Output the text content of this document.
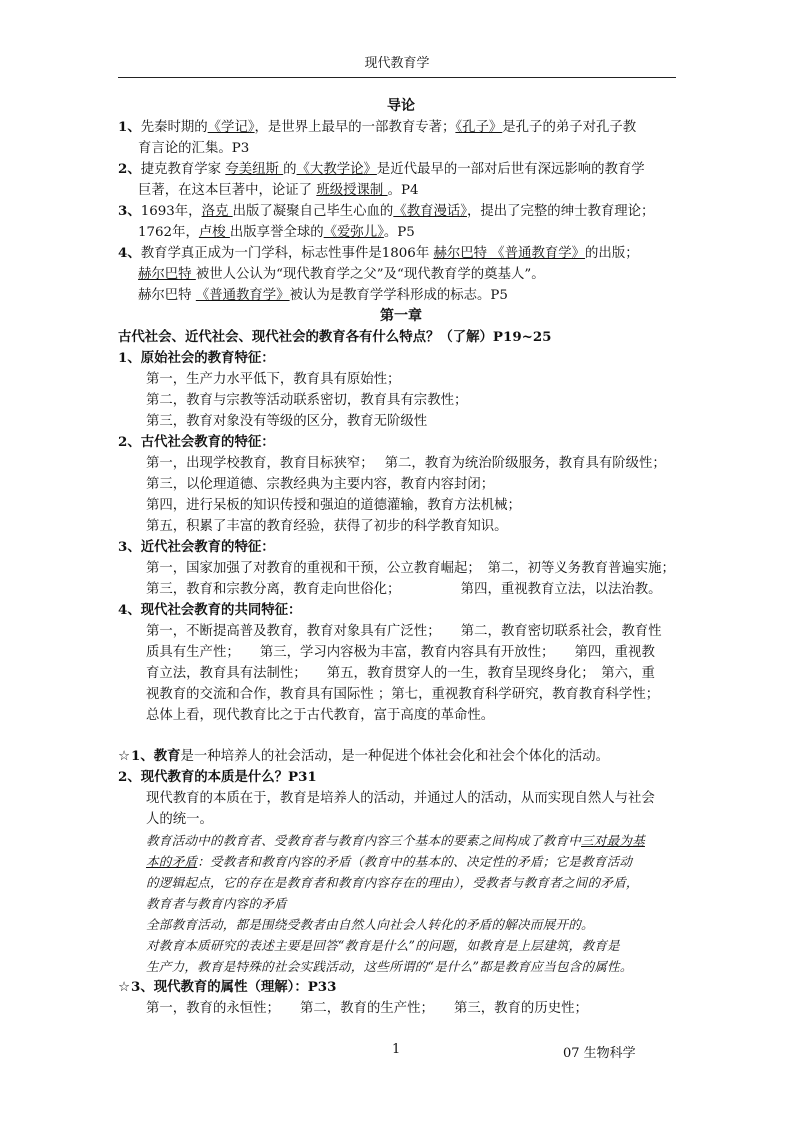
现代教育学
导论
1、先秦时期的《学记》，是世界上最早的一部教育专著；《孔子》是孔子的弟子对孔子教
育言论的汇集。P3
2、捷克教育学家 夸美纽斯 的《大教学论》是近代最早的一部对后世有深远影响的教育学
巨著，在这本巨著中，论证了 班级授课制 。P4
3、1693年，洛克 出版了凝聚自己毕生心血的《教育漫话》，提出了完整的绅士教育理论；
1762年，卢梭 出版享誉全球的《爱弥儿》。P5
4、教育学真正成为一门学科，标志性事件是1806年 赫尔巴特 《普通教育学》的出版；
赫尔巴特 被世人公认为“现代教育学之父”及“现代教育学的奠基人”。
赫尔巴特 《普通教育学》被认为是教育学学科形成的标志。P5
第一章
古代社会、近代社会、现代社会的教育各有什么特点？（了解）P19~25
1、原始社会的教育特征：
第一，生产力水平低下，教育具有原始性；
第二，教育与宗教等活动联系密切，教育具有宗教性；
第三，教育对象没有等级的区分，教育无阶级性
2、古代社会教育的特征：
第一，出现学校教育，教育目标狭窄；　 第二，教育为统治阶级服务，教育具有阶级性；
第三，以伦理道德、宗教经典为主要内容，教育内容封闭；
第四，进行呆板的知识传授和强迫的道德灌输，教育方法机械；
第五，积累了丰富的教育经验，获得了初步的科学教育知识。
3、近代社会教育的特征：
第一，国家加强了对教育的重视和干预，公立教育崛起；　第二，初等义务教育普遍实施；
第三，教育和宗教分离，教育走向世俗化；　　　　　第四，重视教育立法，以法治教。
4、现代社会教育的共同特征：
第一，不断提高普及教育，教育对象具有广泛性；　　第二，教育密切联系社会，教育性
质具有生产性；　　第三，学习内容极为丰富，教育内容具有开放性；　　第四，重视教
育立法，教育具有法制性；　　第五，教育贯穿人的一生，教育呈现终身化；　第六，重
视教育的交流和合作，教育具有国际性 ；第七，重视教育科学研究，教育教育科学性；
总体上看，现代教育比之于古代教育，富于高度的革命性。
☆1、教育是一种培养人的社会活动，是一种促进个体社会化和社会个体化的活动。
2、现代教育的本质是什么？P31
现代教育的本质在于，教育是培养人的活动，并通过人的活动，从而实现自然人与社会
人的统一。
教育活动中的教育者、受教育者与教育内容三个基本的要素之间构成了教育中三对最为基
本的矛盾：受教者和教育内容的矛盾（教育中的基本的、决定性的矛盾；它是教育活动
的逻辑起点，它的存在是教育者和教育内容存在的理由），受教者与教育者之间的矛盾，
教育者与教育内容的矛盾
全部教育活动，都是围绕受教者由自然人向社会人转化的矛盾的解决而展开的。
对教育本质研究的表述主要是回答“教育是什么”的问题，如教育是上层建筑，教育是
生产力，教育是特殊的社会实践活动，这些所谓的“是什么”都是教育应当包含的属性。
☆3、现代教育的属性（理解）：P33
第一，教育的永恒性；　　第二，教育的生产性；　　第三，教育的历史性；
1	07 生物科学
